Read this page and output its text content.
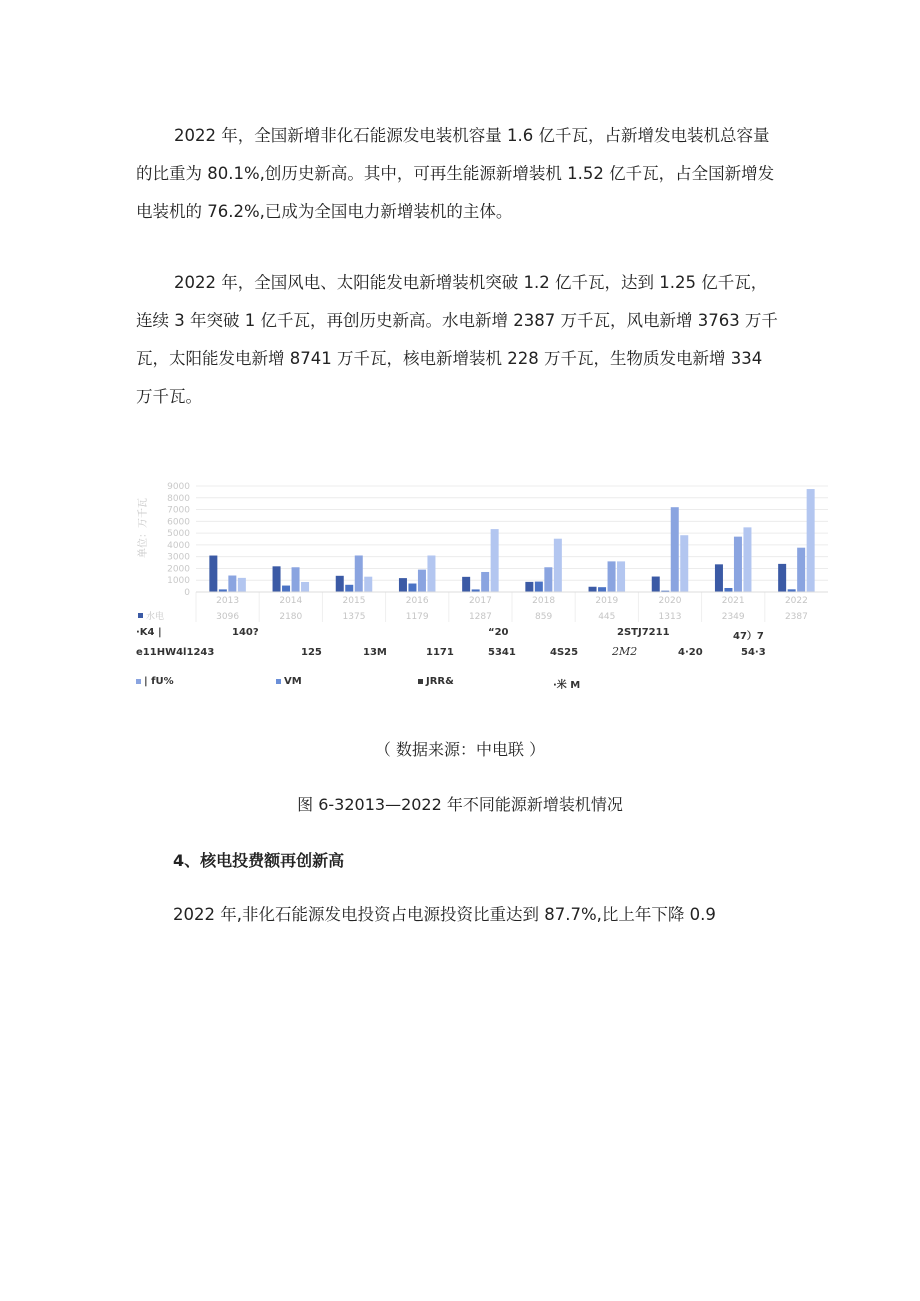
2022 年，全国新增非化石能源发电装机容量 1.6 亿千瓦，占新增发电装机总容量
的比重为 80.1%,创历史新高。其中，可再生能源新增装机 1.52 亿千瓦，占全国新增发
电装机的 76.2%,已成为全国电力新增装机的主体。
2022 年，全国风电、太阳能发电新增装机突破 1.2 亿千瓦，达到 1.25 亿千瓦，
连续 3 年突破 1 亿千瓦，再创历史新高。水电新增 2387 万千瓦，风电新增 3763 万千
瓦，太阳能发电新增 8741 万千瓦，核电新增装机 228 万千瓦，生物质发电新增 334
万千瓦。
0
1000
2000
3000
4000
5000
6000
7000
8000
9000
单位：万千瓦
2013	2014	2015	2016	2017	2018	2019	2020	2021	2022
3096	2180	1375	1179	1287	859	445	1313	2349	2387
水电
·K4 |	140?	“20	2STJ7211	47）7
e11HW4l1243	125	13M	1171	5341	4S25	2M2	4·20	54·3
| fU%	VM	JRR&	·米 M

（ 数据来源：中电联 ）

图 6-32013—2022 年不同能源新增装机情况

4、核电投费额再创新高

2022 年,非化石能源发电投资占电源投资比重达到 87.7%,比上年下降 0.9
